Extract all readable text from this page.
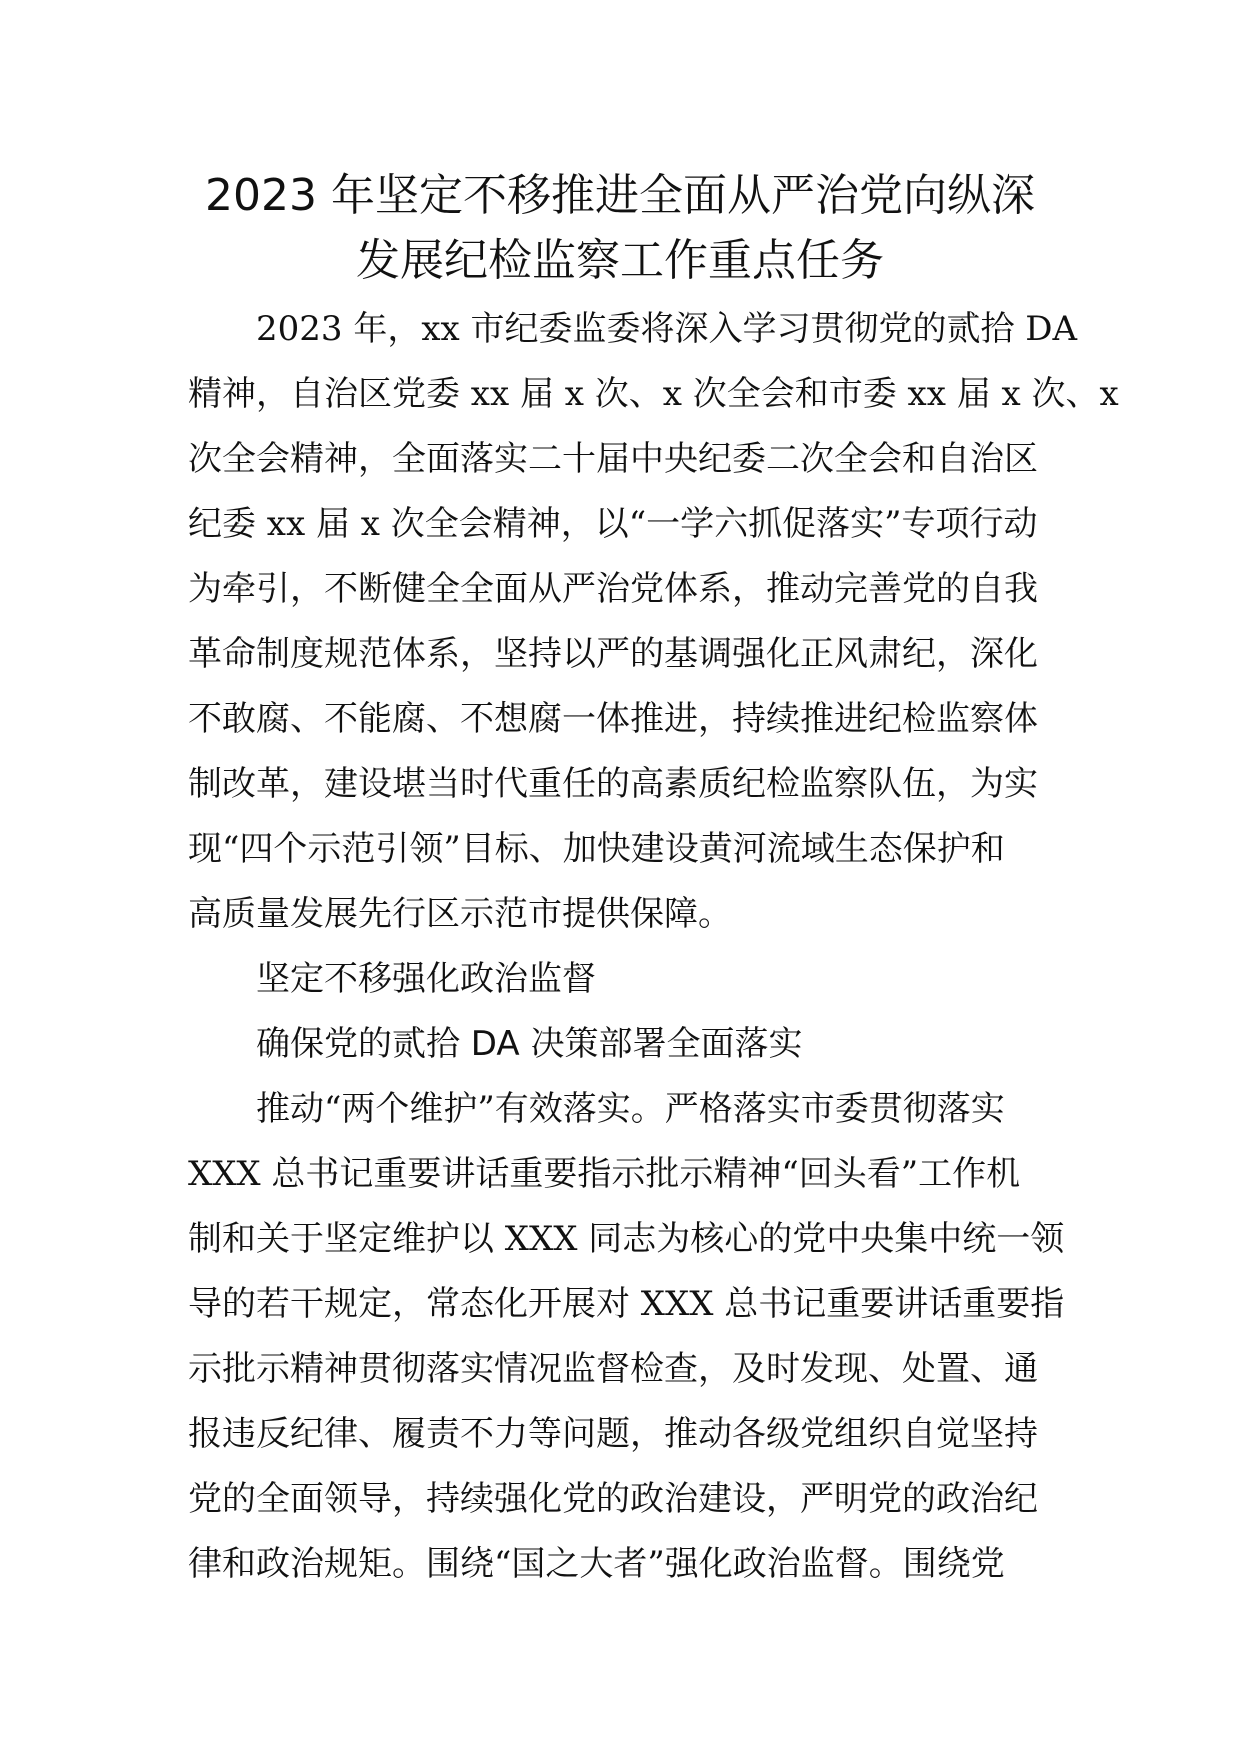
2023 年坚定不移推进全面从严治党向纵深
发展纪检监察工作重点任务
2023 年，xx 市纪委监委将深入学习贯彻党的贰拾 DA
精神，自治区党委 xx 届 x 次、x 次全会和市委 xx 届 x 次、x
次全会精神，全面落实二十届中央纪委二次全会和自治区
纪委 xx 届 x 次全会精神，以“一学六抓促落实”专项行动
为牵引，不断健全全面从严治党体系，推动完善党的自我
革命制度规范体系，坚持以严的基调强化正风肃纪，深化
不敢腐、不能腐、不想腐一体推进，持续推进纪检监察体
制改革，建设堪当时代重任的高素质纪检监察队伍，为实
现“四个示范引领”目标、加快建设黄河流域生态保护和
高质量发展先行区示范市提供保障。
坚定不移强化政治监督
确保党的贰拾 DA 决策部署全面落实
推动“两个维护”有效落实。严格落实市委贯彻落实
XXX 总书记重要讲话重要指示批示精神“回头看”工作机
制和关于坚定维护以 XXX 同志为核心的党中央集中统一领
导的若干规定，常态化开展对 XXX 总书记重要讲话重要指
示批示精神贯彻落实情况监督检查，及时发现、处置、通
报违反纪律、履责不力等问题，推动各级党组织自觉坚持
党的全面领导，持续强化党的政治建设，严明党的政治纪
律和政治规矩。围绕“国之大者”强化政治监督。围绕党
